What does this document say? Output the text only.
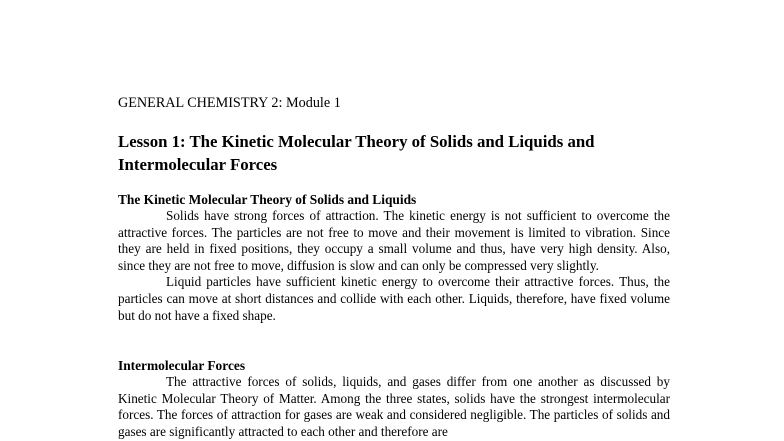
GENERAL CHEMISTRY 2: Module 1
Lesson 1: The Kinetic Molecular Theory of Solids and Liquids and Intermolecular Forces

The Kinetic Molecular Theory of Solids and Liquids

Solids have strong forces of attraction. The kinetic energy is not sufficient to overcome the attractive forces. The particles are not free to move and their movement is limited to vibration. Since they are held in fixed positions, they occupy a small volume and thus, have very high density. Also, since they are not free to move, diffusion is slow and can only be compressed very slightly.

Liquid particles have sufficient kinetic energy to overcome their attractive forces. Thus, the particles can move at short distances and collide with each other. Liquids, therefore, have fixed volume but do not have a fixed shape.

Intermolecular Forces

The attractive forces of solids, liquids, and gases differ from one another as discussed by Kinetic Molecular Theory of Matter. Among the three states, solids have the strongest intermolecular forces. The forces of attraction for gases are weak and considered negligible. The particles of solids and gases are significantly attracted to each other and therefore are
